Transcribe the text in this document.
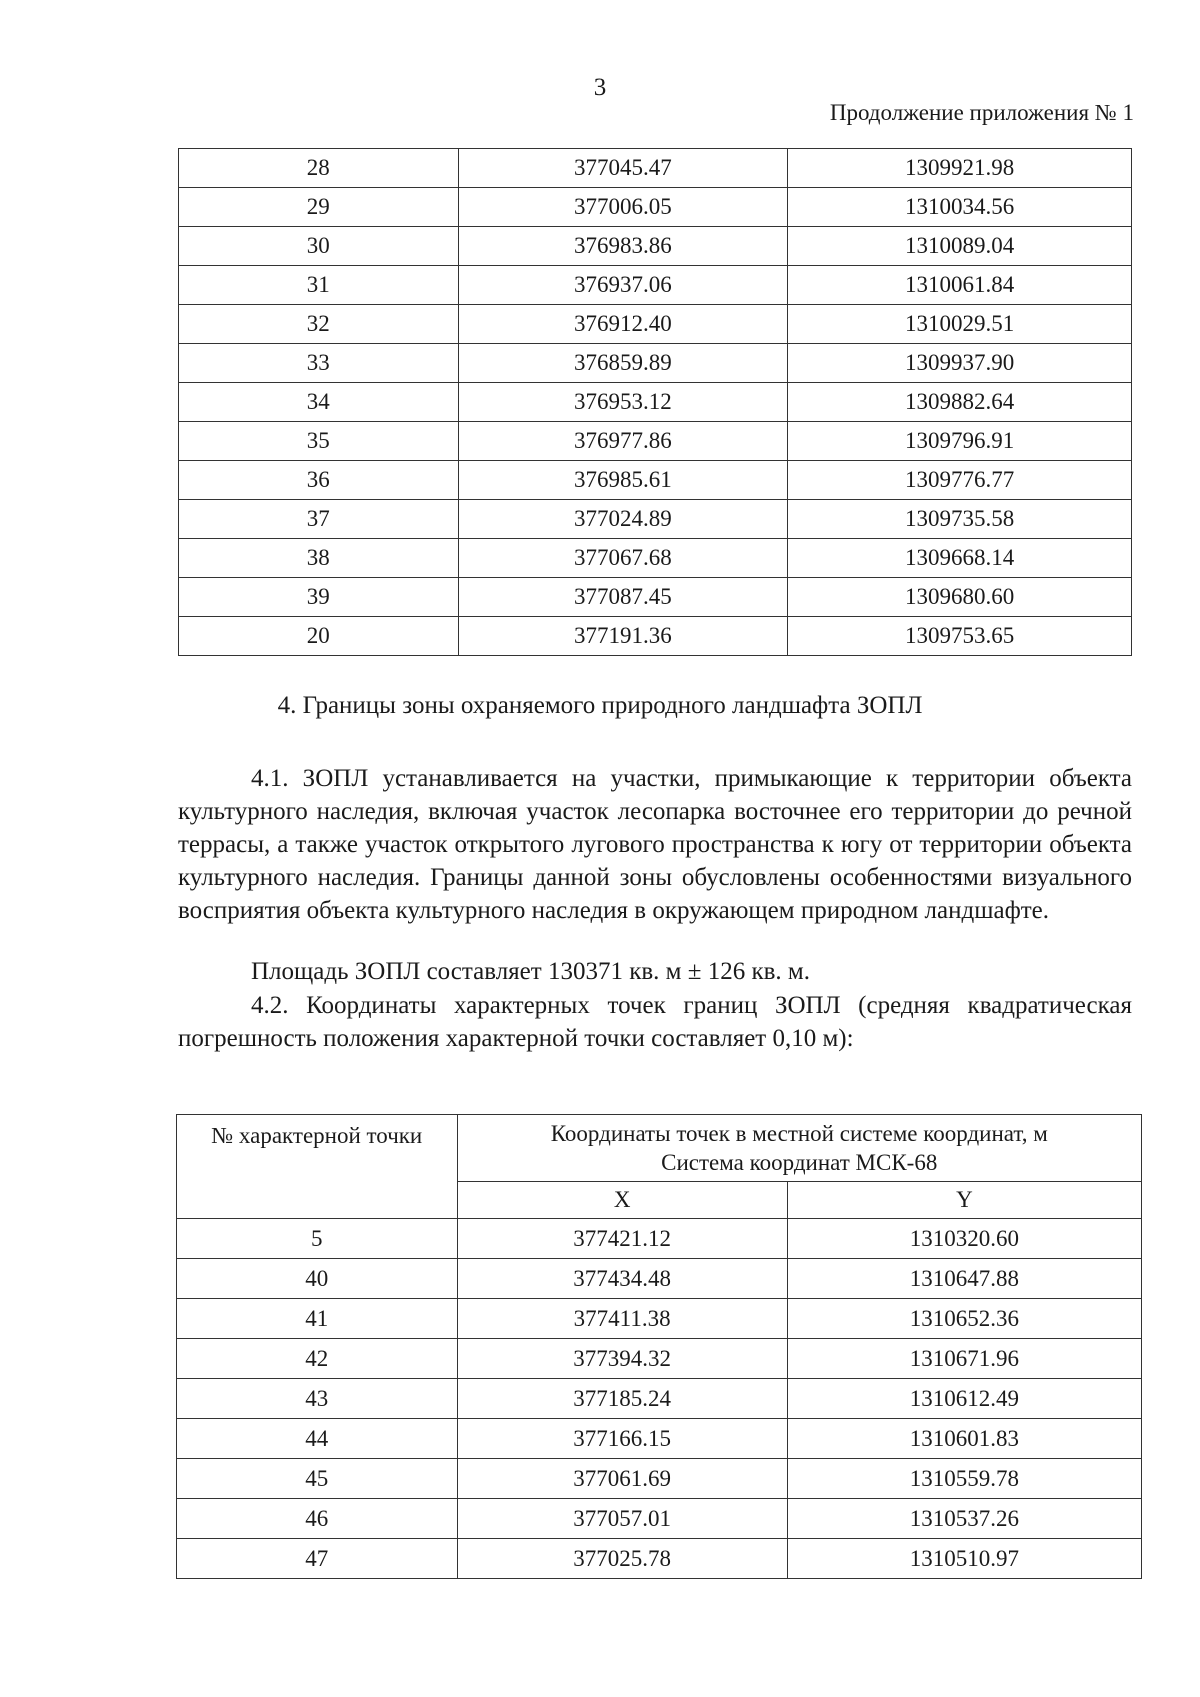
3
Продолжение приложения № 1
28	377045.47	1309921.98
29	377006.05	1310034.56
30	376983.86	1310089.04
31	376937.06	1310061.84
32	376912.40	1310029.51
33	376859.89	1309937.90
34	376953.12	1309882.64
35	376977.86	1309796.91
36	376985.61	1309776.77
37	377024.89	1309735.58
38	377067.68	1309668.14
39	377087.45	1309680.60
20	377191.36	1309753.65
4. Границы зоны охраняемого природного ландшафта ЗОПЛ

4.1. ЗОПЛ устанавливается на участки, примыкающие к территории объекта культурного наследия, включая участок лесопарка восточнее его территории до речной террасы, а также участок открытого лугового пространства к югу от территории объекта культурного наследия. Границы данной зоны обусловлены особенностями визуального восприятия объекта культурного наследия в окружающем природном ландшафте.

Площадь ЗОПЛ составляет 130371 кв. м ± 126 кв. м.

4.2. Координаты характерных точек границ ЗОПЛ (средняя квадратическая погрешность положения характерной точки составляет 0,10 м):

№ характерной точки	Координаты точек в местной системе координат, м
Система координат МСК-68	

	X	Y
5	377421.12	1310320.60
40	377434.48	1310647.88
41	377411.38	1310652.36
42	377394.32	1310671.96
43	377185.24	1310612.49
44	377166.15	1310601.83
45	377061.69	1310559.78
46	377057.01	1310537.26
47	377025.78	1310510.97
